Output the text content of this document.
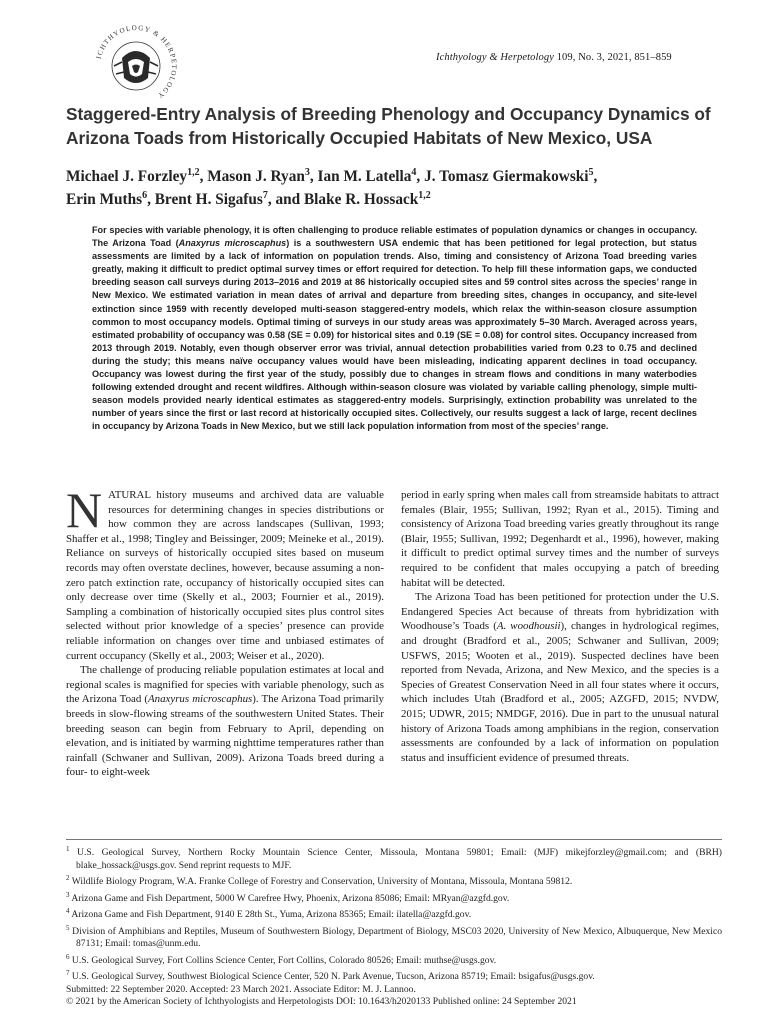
ICHTHYOLOGY & HERPETOLOGY
Ichthyology & Herpetology 109, No. 3, 2021, 851–859
Staggered-Entry Analysis of Breeding Phenology and Occupancy Dynamics of Arizona Toads from Historically Occupied Habitats of New Mexico, USA
Michael J. Forzley$^{1,2}$, Mason J. Ryan$^3$, Ian M. Latella$^4$, J. Tomasz Giermakowski$^5$,
Erin Muths$^6$, Brent H. Sigafus$^7$, and Blake R. Hossack$^{1,2}$
For species with variable phenology, it is often challenging to produce reliable estimates of population dynamics or changes in occupancy. The Arizona Toad (Anaxyrus microscaphus) is a southwestern USA endemic that has been petitioned for legal protection, but status assessments are limited by a lack of information on population trends. Also, timing and consistency of Arizona Toad breeding varies greatly, making it difficult to predict optimal survey times or effort required for detection. To help fill these information gaps, we conducted breeding season call surveys during 2013–2016 and 2019 at 86 historically occupied sites and 59 control sites across the species’ range in New Mexico. We estimated variation in mean dates of arrival and departure from breeding sites, changes in occupancy, and site-level extinction since 1959 with recently developed multi-season staggered-entry models, which relax the within-season closure assumption common to most occupancy models. Optimal timing of surveys in our study areas was approximately 5–30 March. Averaged across years, estimated probability of occupancy was 0.58 (SE = 0.09) for historical sites and 0.19 (SE = 0.08) for control sites. Occupancy increased from 2013 through 2019. Notably, even though observer error was trivial, annual detection probabilities varied from 0.23 to 0.75 and declined during the study; this means naïve occupancy values would have been misleading, indicating apparent declines in toad occupancy. Occupancy was lowest during the first year of the study, possibly due to changes in stream flows and conditions in many waterbodies following extended drought and recent wildfires. Although within-season closure was violated by variable calling phenology, simple multi-season models provided nearly identical estimates as staggered-entry models. Surprisingly, extinction probability was unrelated to the number of years since the first or last record at historically occupied sites. Collectively, our results suggest a lack of large, recent declines in occupancy by Arizona Toads in New Mexico, but we still lack population information from most of the species’ range.

NATURAL history museums and archived data are valuable resources for determining changes in species distributions or how common they are across landscapes (Sullivan, 1993; Shaffer et al., 1998; Tingley and Beissinger, 2009; Meineke et al., 2019). Reliance on surveys of historically occupied sites based on museum records may often overstate declines, however, because assuming a non-zero patch extinction rate, occupancy of historically occupied sites can only decrease over time (Skelly et al., 2003; Fournier et al., 2019). Sampling a combination of historically occupied sites plus control sites selected without prior knowledge of a species’ presence can provide reliable information on changes over time and unbiased estimates of current occupancy (Skelly et al., 2003; Weiser et al., 2020).

The challenge of producing reliable population estimates at local and regional scales is magnified for species with variable phenology, such as the Arizona Toad (Anaxyrus microscaphus). The Arizona Toad primarily breeds in slow-flowing streams of the southwestern United States. Their breeding season can begin from February to April, depending on elevation, and is initiated by warming nighttime temperatures rather than rainfall (Schwaner and Sullivan, 2009). Arizona Toads breed during a four- to eight-week

period in early spring when males call from streamside habitats to attract females (Blair, 1955; Sullivan, 1992; Ryan et al., 2015). Timing and consistency of Arizona Toad breeding varies greatly throughout its range (Blair, 1955; Sullivan, 1992; Degenhardt et al., 1996), however, making it difficult to predict optimal survey times and the number of surveys required to be confident that males occupying a patch of breeding habitat will be detected.

The Arizona Toad has been petitioned for protection under the U.S. Endangered Species Act because of threats from hybridization with Woodhouse’s Toads (A. woodhousii), changes in hydrological regimes, and drought (Bradford et al., 2005; Schwaner and Sullivan, 2009; USFWS, 2015; Wooten et al., 2019). Suspected declines have been reported from Nevada, Arizona, and New Mexico, and the species is a Species of Greatest Conservation Need in all four states where it occurs, which includes Utah (Bradford et al., 2005; AZGFD, 2015; NVDW, 2015; UDWR, 2015; NMDGF, 2016). Due in part to the unusual natural history of Arizona Toads among amphibians in the region, conservation assessments are confounded by a lack of information on population status and insufficient evidence of presumed threats.

$^1$ U.S. Geological Survey, Northern Rocky Mountain Science Center, Missoula, Montana 59801; Email: (MJF) mikejforzley@gmail.com; and (BRH) blake_hossack@usgs.gov. Send reprint requests to MJF.

$^2$ Wildlife Biology Program, W.A. Franke College of Forestry and Conservation, University of Montana, Missoula, Montana 59812.

$^3$ Arizona Game and Fish Department, 5000 W Carefree Hwy, Phoenix, Arizona 85086; Email: MRyan@azgfd.gov.

$^4$ Arizona Game and Fish Department, 9140 E 28th St., Yuma, Arizona 85365; Email: ilatella@azgfd.gov.

$^5$ Division of Amphibians and Reptiles, Museum of Southwestern Biology, Department of Biology, MSC03 2020, University of New Mexico, Albuquerque, New Mexico 87131; Email: tomas@unm.edu.

$^6$ U.S. Geological Survey, Fort Collins Science Center, Fort Collins, Colorado 80526; Email: muthse@usgs.gov.

$^7$ U.S. Geological Survey, Southwest Biological Science Center, 520 N. Park Avenue, Tucson, Arizona 85719; Email: bsigafus@usgs.gov.

Submitted: 22 September 2020. Accepted: 23 March 2021. Associate Editor: M. J. Lannoo.

© 2021 by the American Society of Ichthyologists and Herpetologists DOI: 10.1643/h2020133 Published online: 24 September 2021
